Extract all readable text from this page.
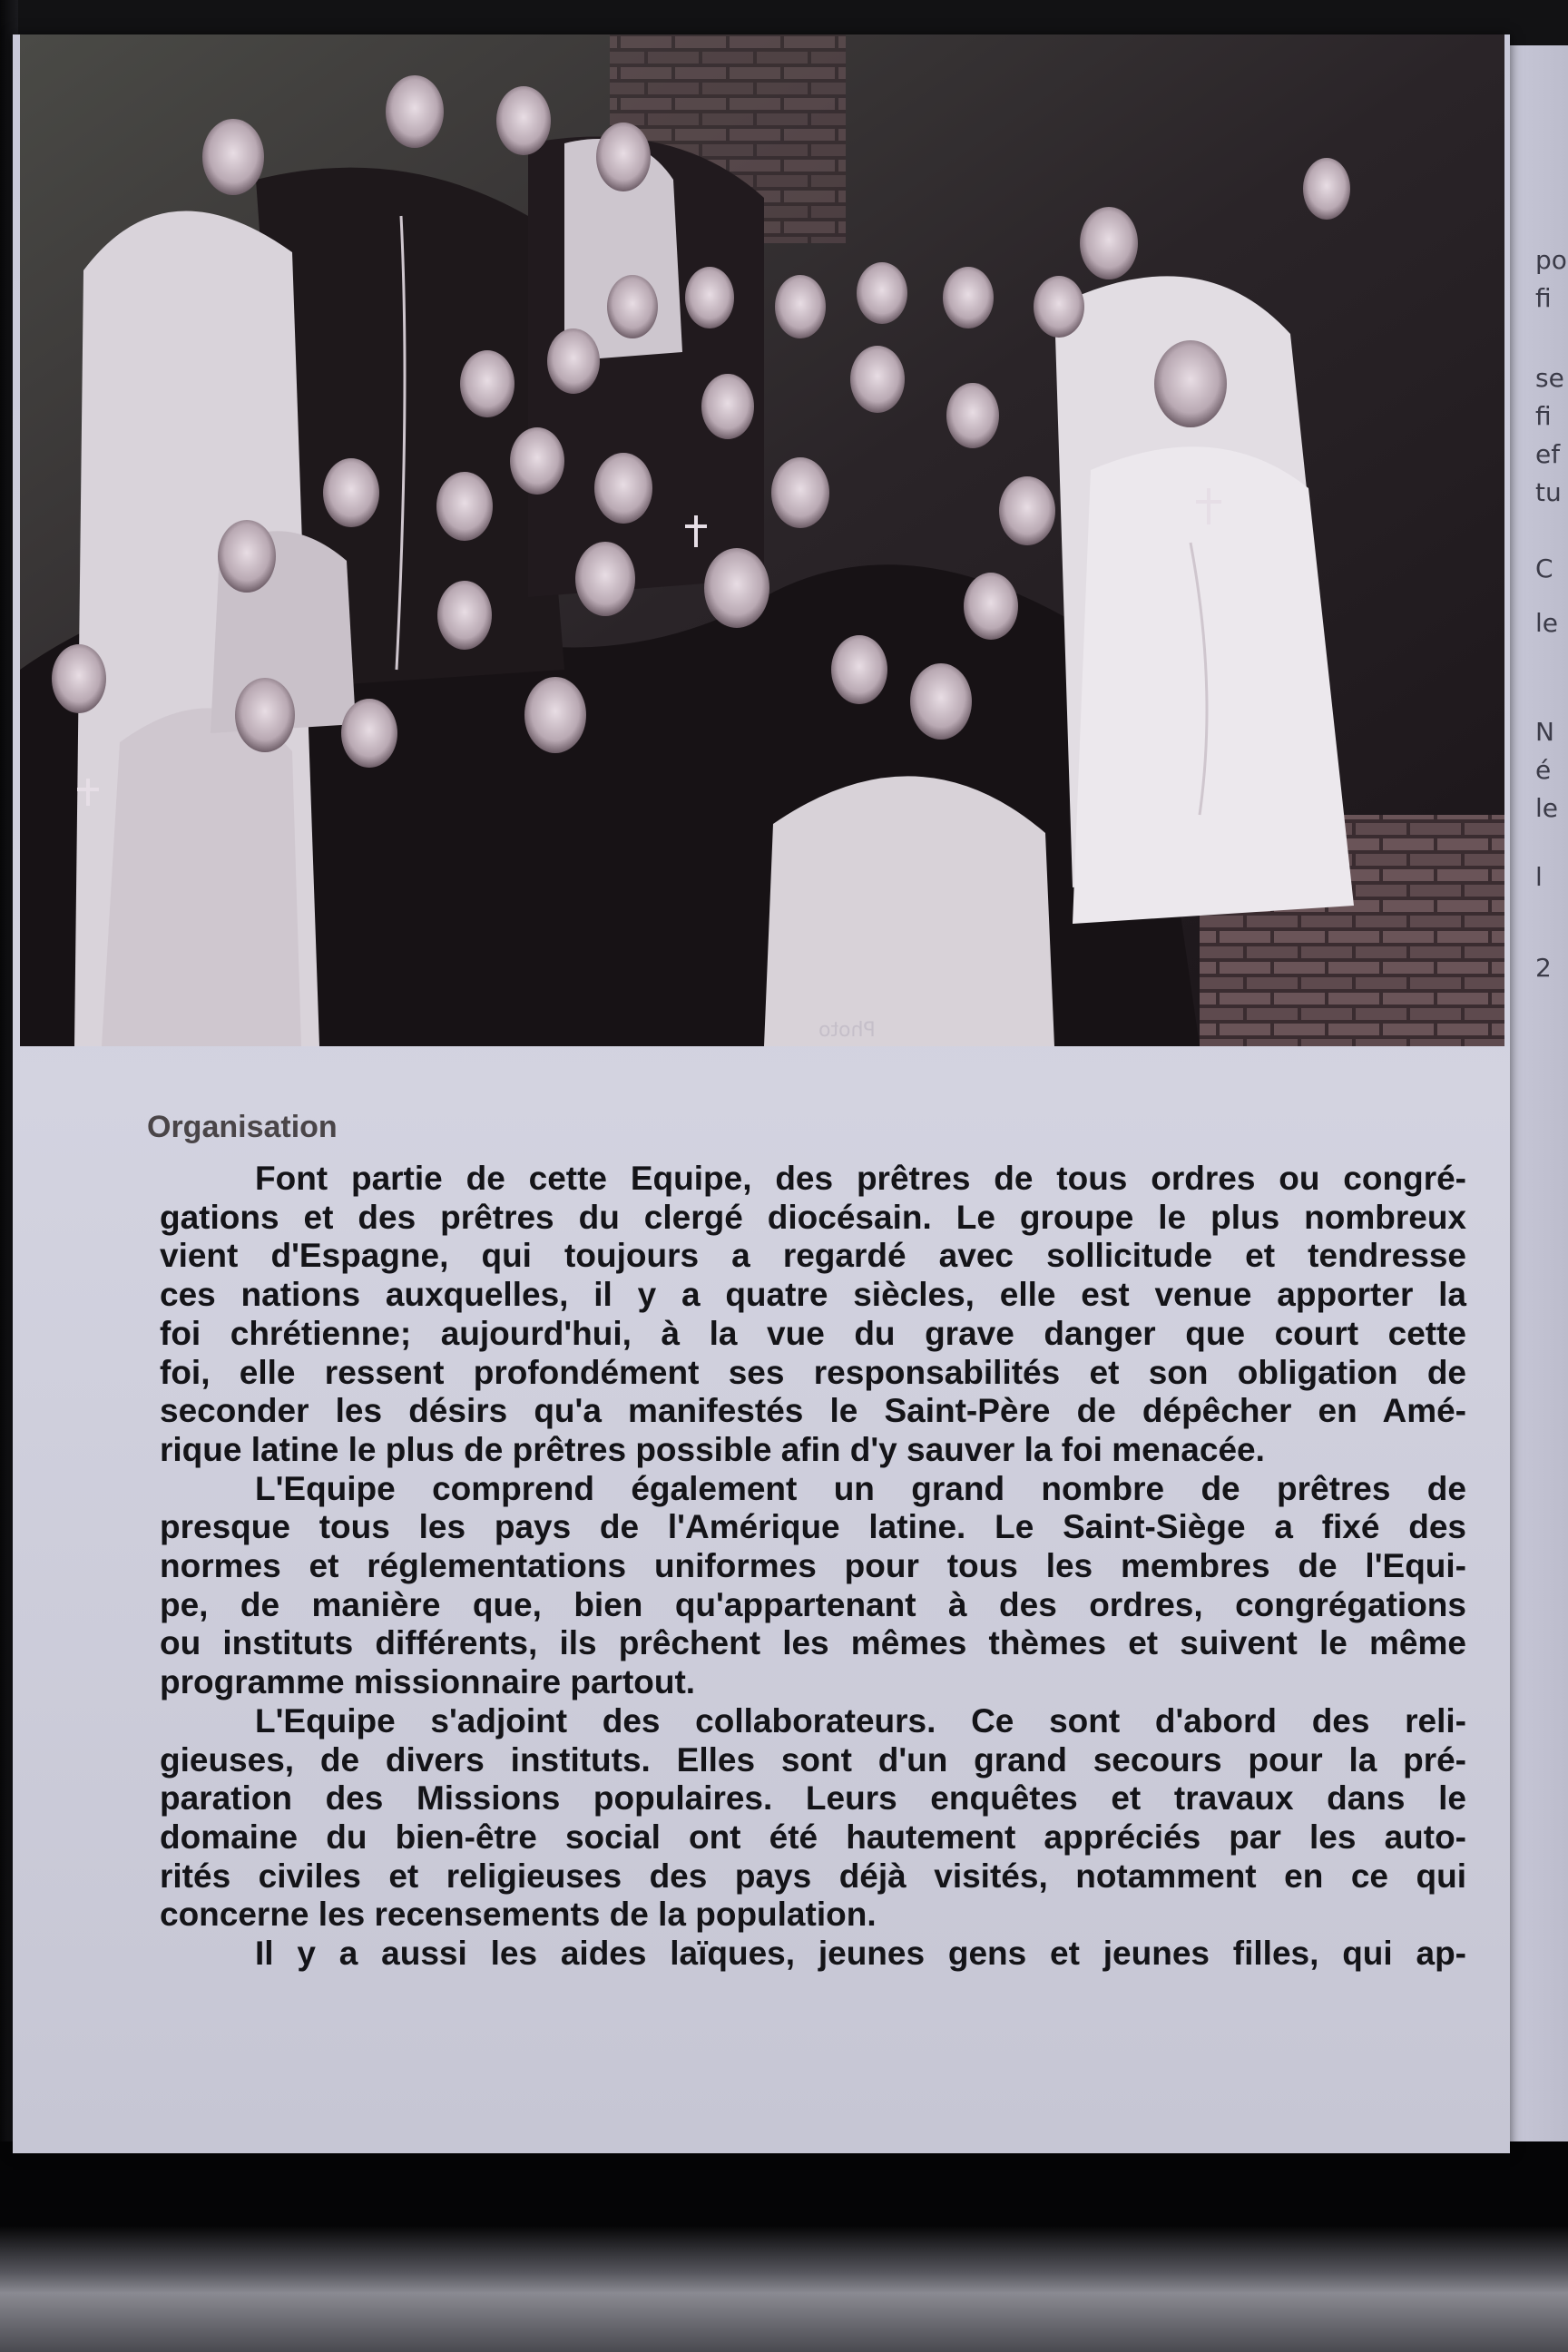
po
fi
se
fi
ef
tu
C
le
N
é
le
l
2
Photo
Organisation

Font partie de cette Equipe, des prêtres de tous ordres ou congré-
gations et des prêtres du clergé diocésain. Le groupe le plus nombreux
vient d'Espagne, qui toujours a regardé avec sollicitude et tendresse
ces nations auxquelles, il y a quatre siècles, elle est venue apporter la
foi chrétienne; aujourd'hui, à la vue du grave danger que court cette
foi, elle ressent profondément ses responsabilités et son obligation de
seconder les désirs qu'a manifestés le Saint-Père de dépêcher en Amé-
rique latine le plus de prêtres possible afin d'y sauver la foi menacée.

L'Equipe comprend également un grand nombre de prêtres de
presque tous les pays de l'Amérique latine. Le Saint-Siège a fixé des
normes et réglementations uniformes pour tous les membres de l'Equi-
pe, de manière que, bien qu'appartenant à des ordres, congrégations
ou instituts différents, ils prêchent les mêmes thèmes et suivent le même
programme missionnaire partout.

L'Equipe s'adjoint des collaborateurs. Ce sont d'abord des reli-
gieuses, de divers instituts. Elles sont d'un grand secours pour la pré-
paration des Missions populaires. Leurs enquêtes et travaux dans le
domaine du bien-être social ont été hautement appréciés par les auto-
rités civiles et religieuses des pays déjà visités, notamment en ce qui
concerne les recensements de la population.

Il y a aussi les aides laïques, jeunes gens et jeunes filles, qui ap-
